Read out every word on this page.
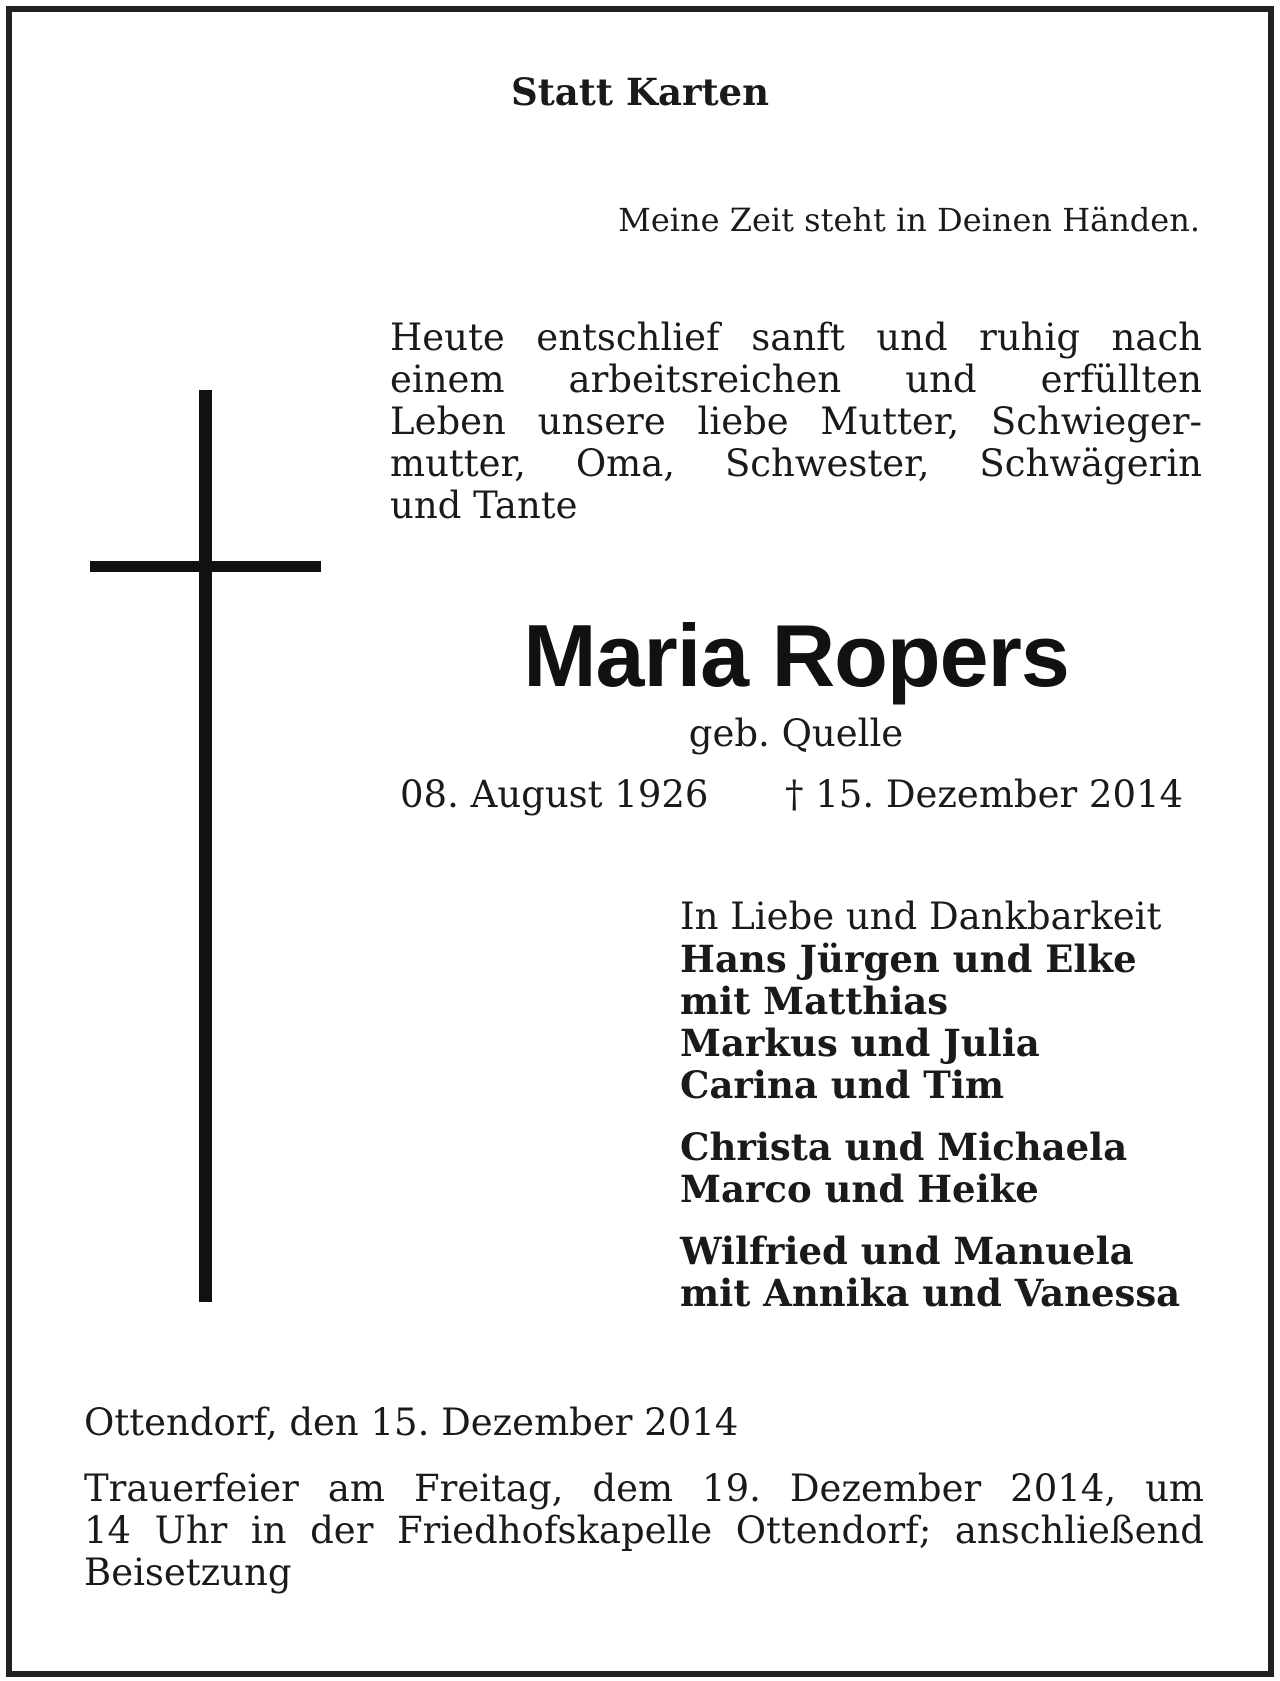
Statt Karten

Meine Zeit steht in Deinen Händen.

Heute entschlief sanft und ruhig nach
einem arbeitsreichen und erfüllten
Leben unsere liebe Mutter, Schwieger-
mutter, Oma, Schwester, Schwägerin
und Tante
Maria Ropers

geb. Quelle

08. August 1926 † 15. Dezember 2014

In Liebe und Dankbarkeit
Hans Jürgen und Elke
mit Matthias
Markus und Julia
Carina und Tim
Christa und Michaela
Marco und Heike
Wilfried und Manuela
mit Annika und Vanessa

Ottendorf, den 15. Dezember 2014

Trauerfeier am Freitag, dem 19. Dezember 2014, um
14 Uhr in der Friedhofskapelle Ottendorf; anschließend
Beisetzung
